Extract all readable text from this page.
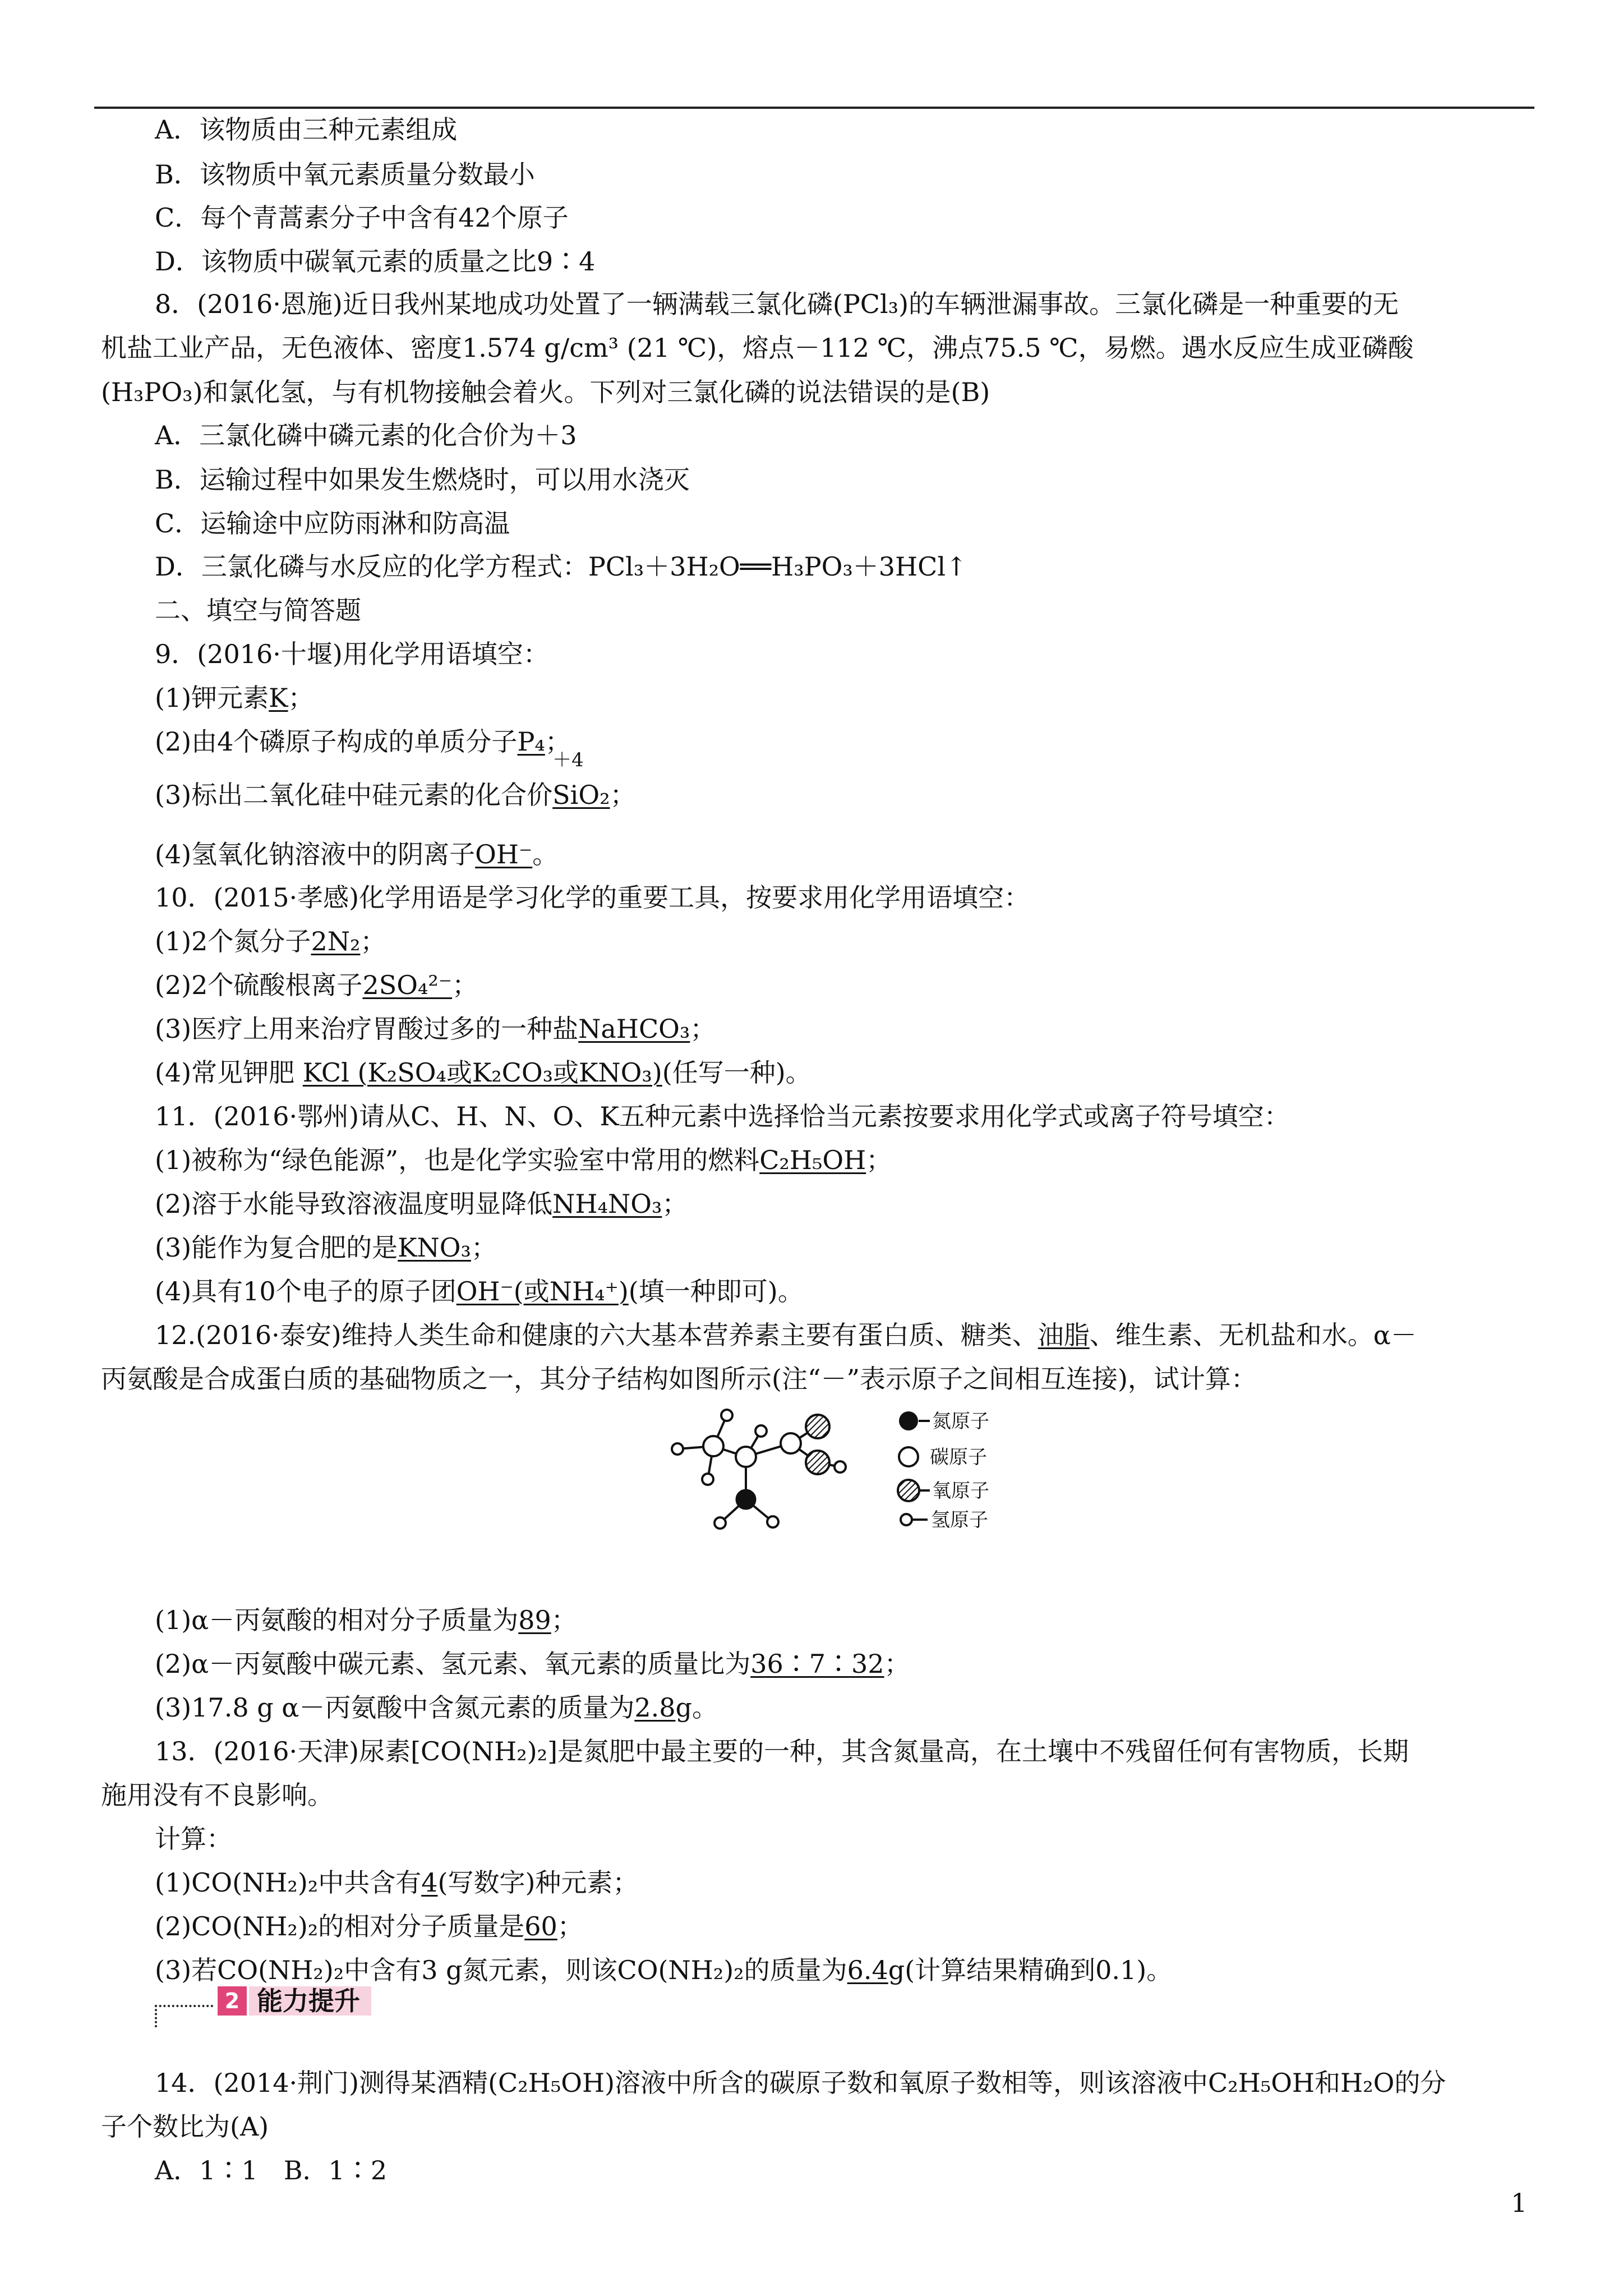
A．该物质由三种元素组成
B．该物质中氧元素质量分数最小
C．每个青蒿素分子中含有42个原子
D．该物质中碳氧元素的质量之比9∶4
8．(2016·恩施)近日我州某地成功处置了一辆满载三氯化磷(PCl₃)的车辆泄漏事故。三氯化磷是一种重要的无
机盐工业产品，无色液体、密度1.574 g/cm³ (21 ℃)，熔点－112 ℃，沸点75.5 ℃，易燃。遇水反应生成亚磷酸
(H₃PO₃)和氯化氢，与有机物接触会着火。下列对三氯化磷的说法错误的是(B)
A．三氯化磷中磷元素的化合价为＋3
B．运输过程中如果发生燃烧时，可以用水浇灭
C．运输途中应防雨淋和防高温
D．三氯化磷与水反应的化学方程式：PCl₃＋3H₂O══H₃PO₃＋3HCl↑
二、填空与简答题
9．(2016·十堰)用化学用语填空：
(1)钾元素K；
(2)由4个磷原子构成的单质分子P₄；
(3)标出二氧化硅中硅元素的化合价
＋4
SiO₂；
(4)氢氧化钠溶液中的阴离子OH⁻。
10．(2015·孝感)化学用语是学习化学的重要工具，按要求用化学用语填空：
(1)2个氮分子2N₂；
(2)2个硫酸根离子2SO₄²⁻；
(3)医疗上用来治疗胃酸过多的一种盐NaHCO₃；
(4)常见钾肥 KCl (K₂SO₄或K₂CO₃或KNO₃)(任写一种)。
11．(2016·鄂州)请从C、H、N、O、K五种元素中选择恰当元素按要求用化学式或离子符号填空：
(1)被称为“绿色能源”，也是化学实验室中常用的燃料C₂H₅OH；
(2)溶于水能导致溶液温度明显降低NH₄NO₃；
(3)能作为复合肥的是KNO₃；
(4)具有10个电子的原子团OH⁻(或NH₄⁺)(填一种即可)。
12.(2016·泰安)维持人类生命和健康的六大基本营养素主要有蛋白质、糖类、油脂、维生素、无机盐和水。α－
丙氨酸是合成蛋白质的基础物质之一，其分子结构如图所示(注“－”表示原子之间相互连接)，试计算：
氮原子
碳原子
氧原子
氢原子
(1)α－丙氨酸的相对分子质量为89；
(2)α－丙氨酸中碳元素、氢元素、氧元素的质量比为36∶7∶32；
(3)17.8 g α－丙氨酸中含氮元素的质量为2.8g。
13．(2016·天津)尿素[CO(NH₂)₂]是氮肥中最主要的一种，其含氮量高，在土壤中不残留任何有害物质，长期
施用没有不良影响。
计算：
(1)CO(NH₂)₂中共含有4(写数字)种元素；
(2)CO(NH₂)₂的相对分子质量是60；
(3)若CO(NH₂)₂中含有3 g氮元素，则该CO(NH₂)₂的质量为6.4g(计算结果精确到0.1)。
2 能力提升
14．(2014·荆门)测得某酒精(C₂H₅OH)溶液中所含的碳原子数和氧原子数相等，则该溶液中C₂H₅OH和H₂O的分
子个数比为(A)
A．1∶1　B．1∶2
1
